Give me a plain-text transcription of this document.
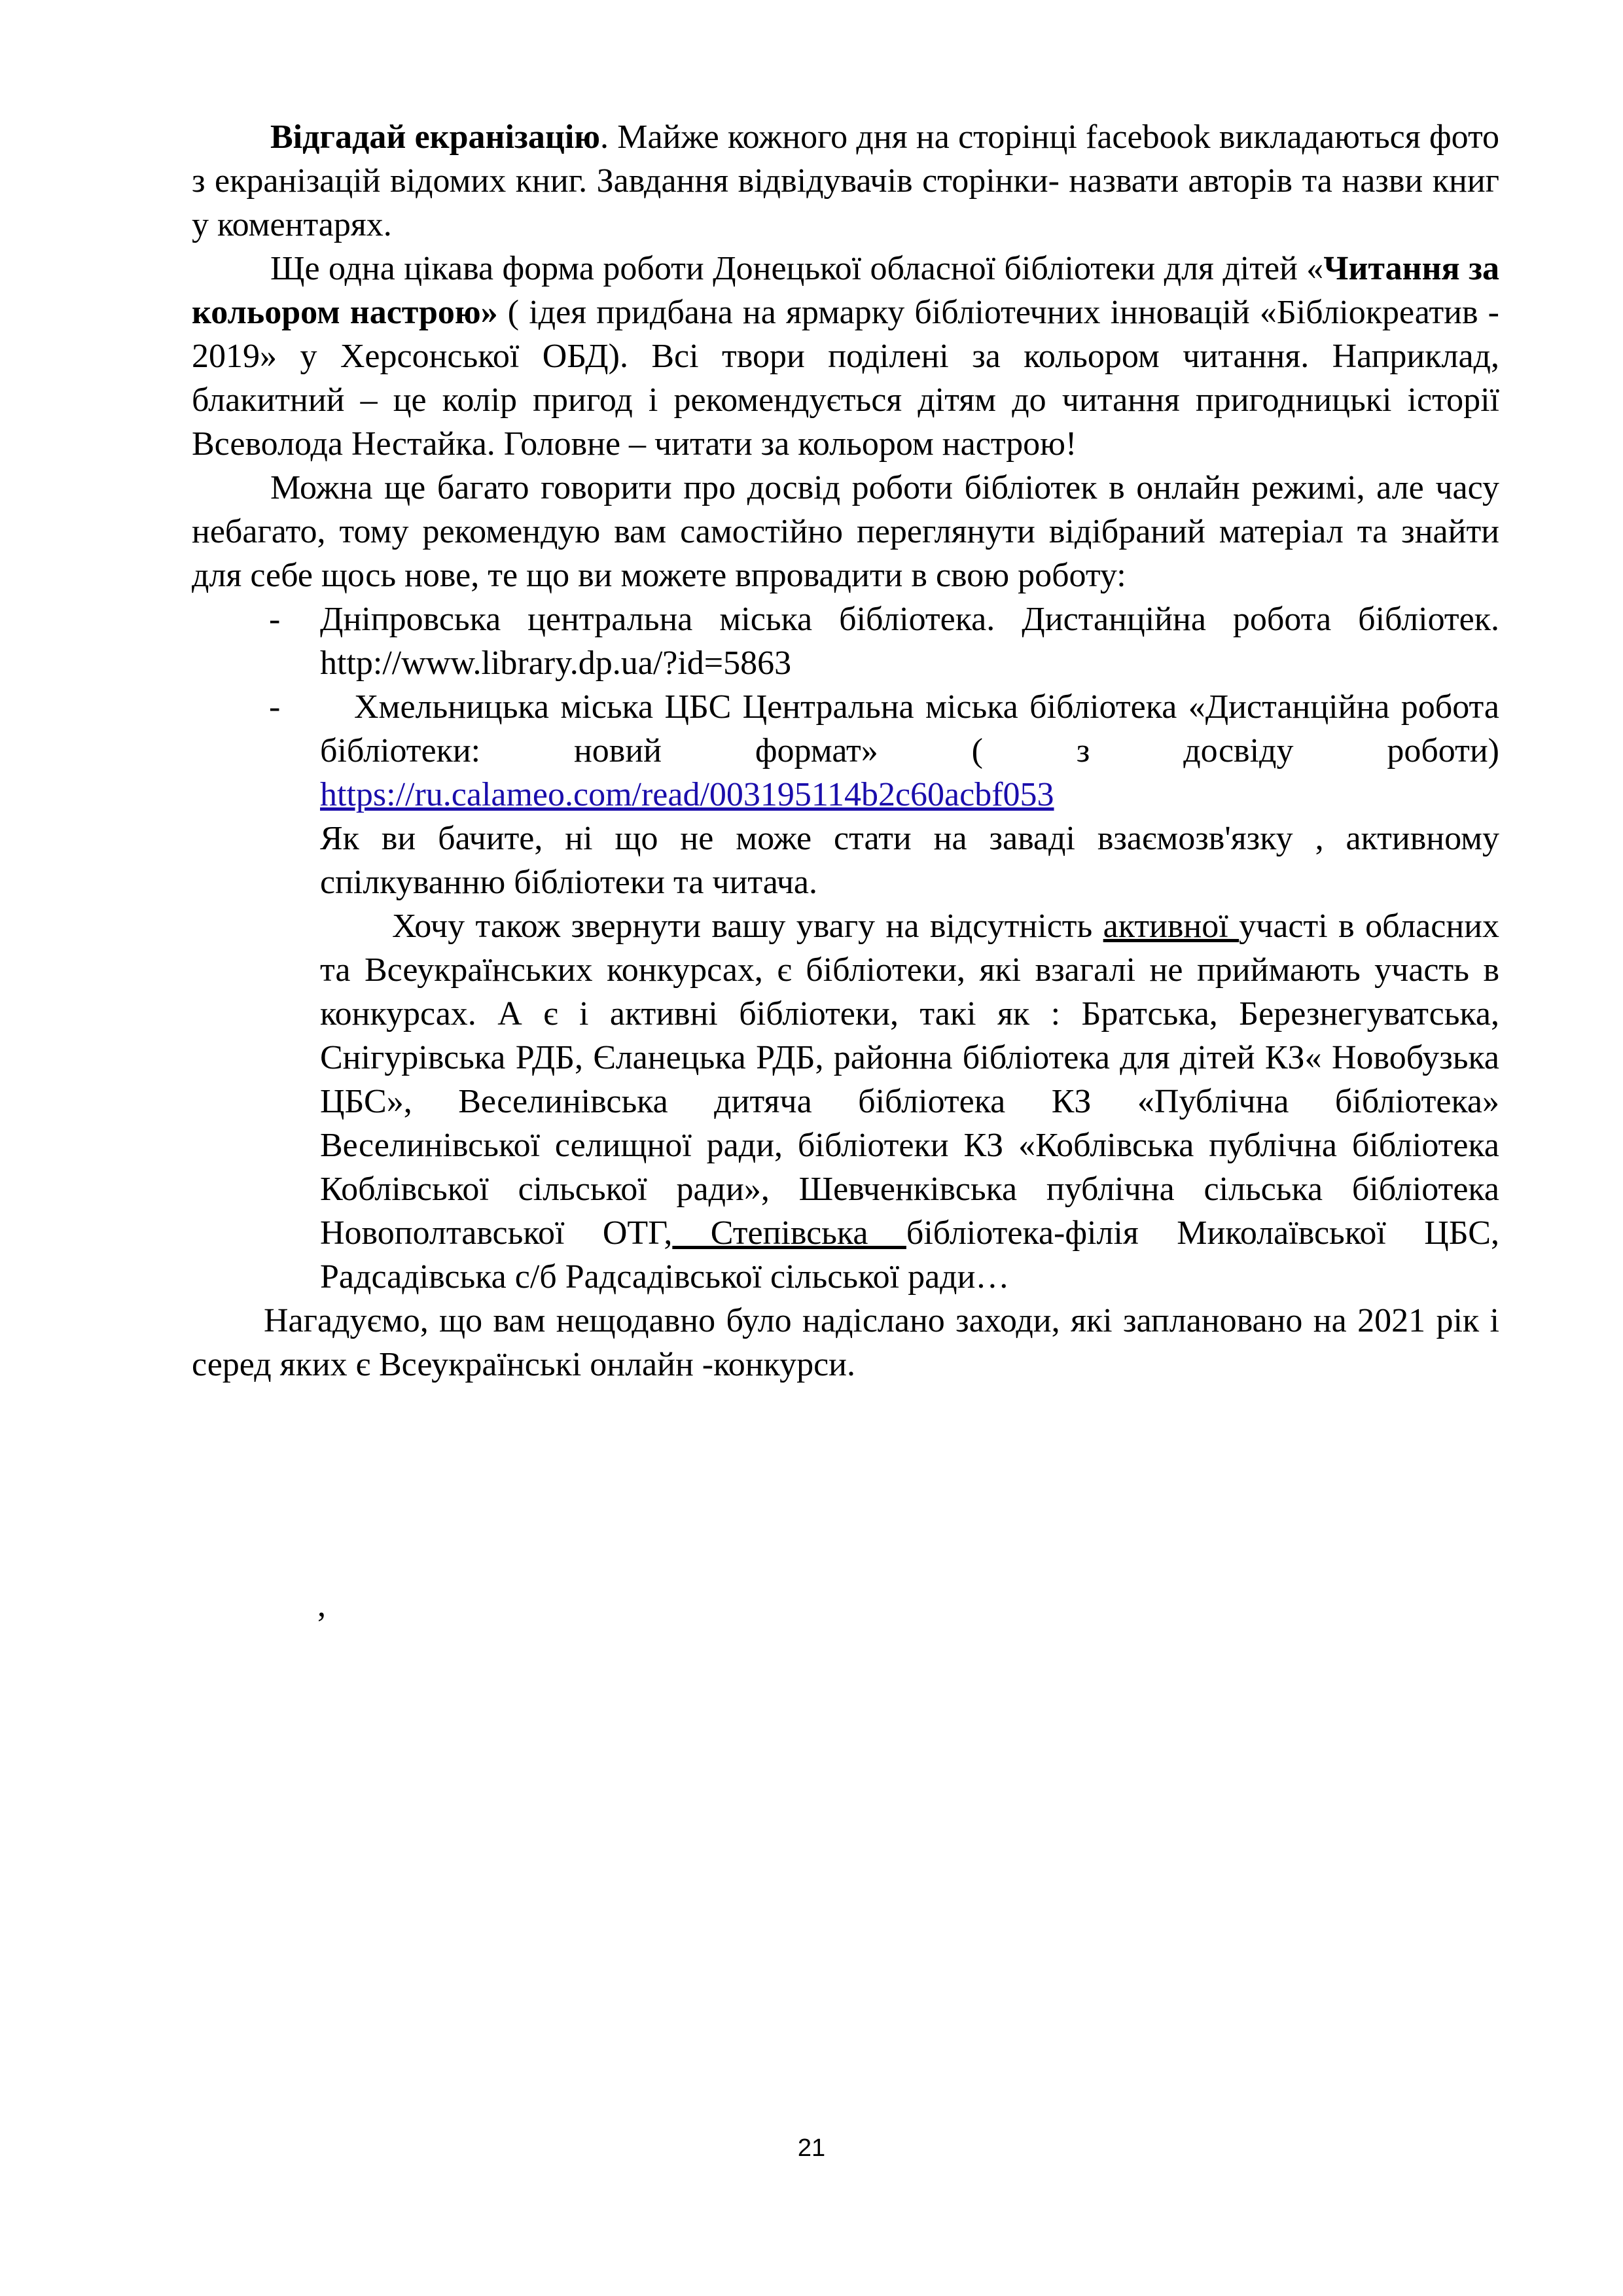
Відгадай екранізацію. Майже кожного дня на сторінці facebook викладаються фото з екранізацій відомих книг. Завдання відвідувачів сторінки- назвати авторів та назви книг у коментарях.

Ще одна цікава форма роботи Донецької обласної бібліотеки для дітей «Читання за кольором настрою» ( ідея придбана на ярмарку бібліотечних інновацій «Бібліокреатив - 2019» у Херсонської ОБД). Всі твори поділені за кольором читання. Наприклад, блакитний – це колір пригод і рекомендується дітям до читання пригодницькі історії Всеволода Нестайка. Головне – читати за кольором настрою!

Можна ще багато говорити про досвід роботи бібліотек в онлайн режимі, але часу небагато, тому рекомендую вам самостійно переглянути відібраний матеріал та знайти для себе щось нове, те що ви можете впровадити в свою роботу:

- Дніпровська центральна міська бібліотека. Дистанційна робота бібліотек. http://www.library.dp.ua/?id=5863
- Хмельницька міська ЦБС Центральна міська бібліотека «Дистанційна робота бібліотеки: новий формат» ( з досвіду роботи) https://ru.calameo.com/read/003195114b2c60acbf053

Як ви бачите, ні що не може стати на заваді взаємозв'язку , активному спілкуванню бібліотеки та читача.

Хочу також звернути вашу увагу на відсутність активної участі в обласних та Всеукраїнських конкурсах, є бібліотеки, які взагалі не приймають участь в конкурсах. А є і активні бібліотеки, такі як : Братська, Березнегуватська, Снігурівська РДБ, Єланецька РДБ, районна бібліотека для дітей КЗ« Новобузька ЦБС», Веселинівська дитяча бібліотека КЗ «Публічна бібліотека» Веселинівської селищної ради, бібліотеки КЗ «Коблівська публічна бібліотека Коблівської сільської ради», Шевченківська публічна сільська бібліотека Новополтавської ОТГ, Степівська бібліотека-філія Миколаївської ЦБС, Радсадівська с/б Радсадівської сільської ради…

Нагадуємо, що вам нещодавно було надіслано заходи, які заплановано на 2021 рік і серед яких є Всеукраїнські онлайн -конкурси.

,
21
